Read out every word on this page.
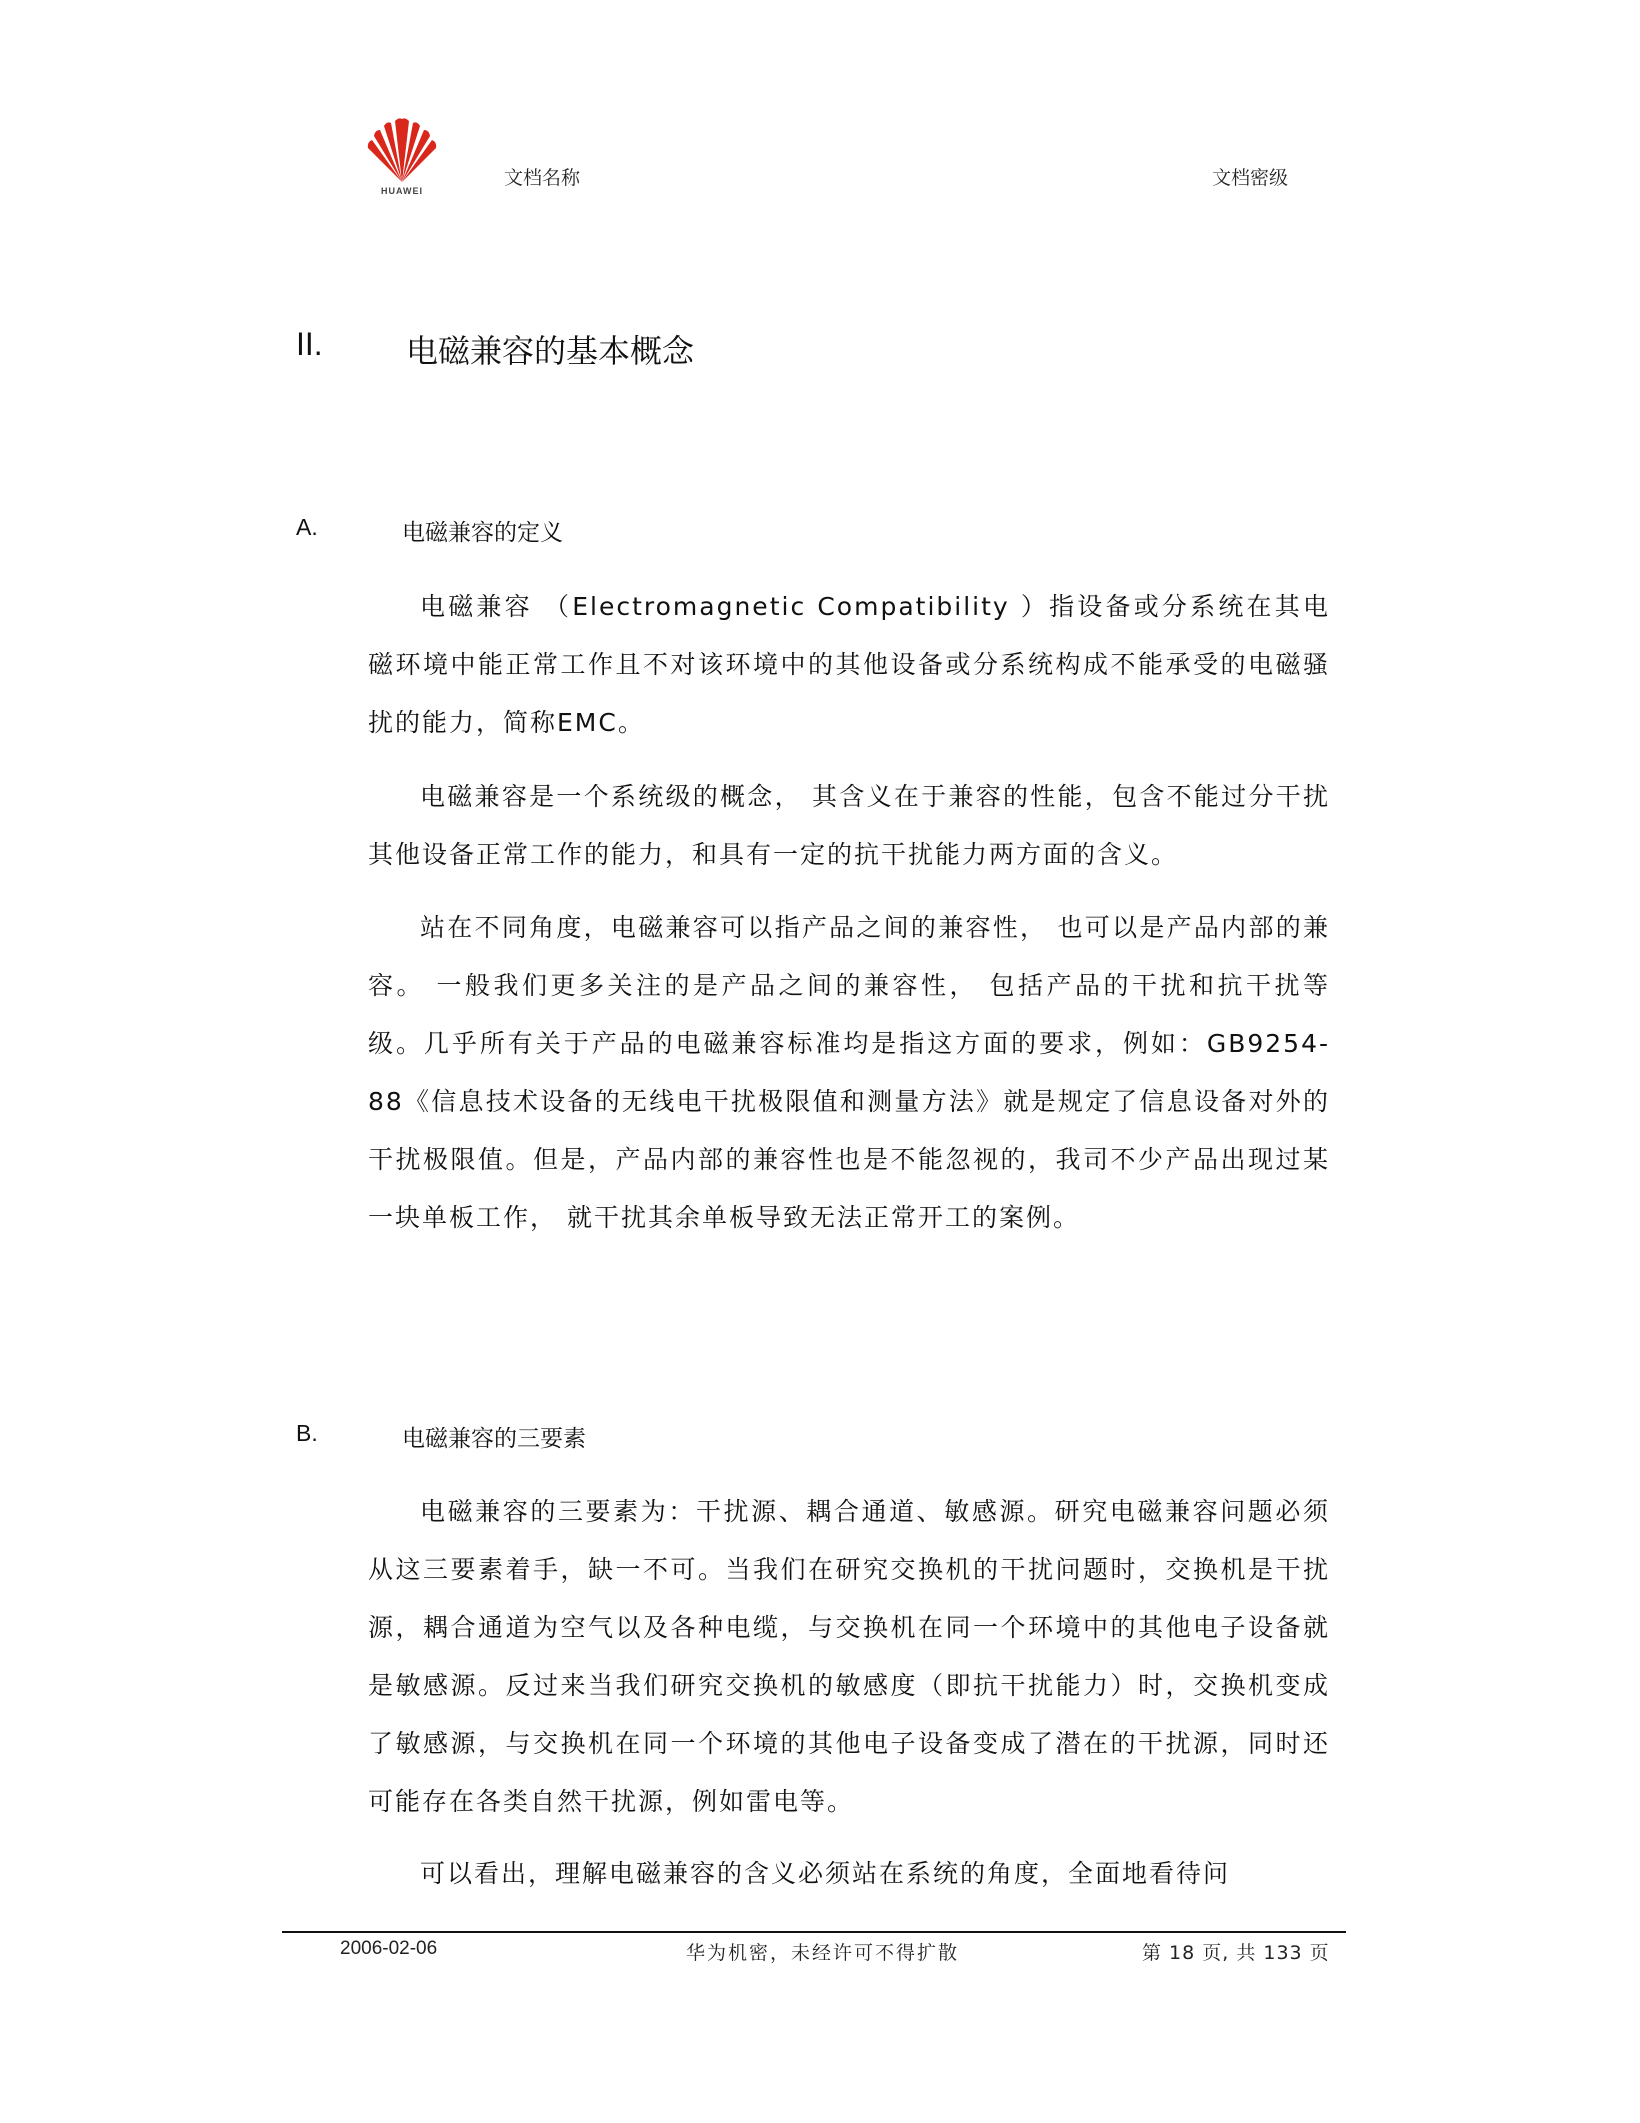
HUAWEI
文档名称	文档密级
II.	电磁兼容的基本概念
A.	电磁兼容的定义

电磁兼容 （Electromagnetic Compatibility ）指设备或分系统在其电磁环境中能正常工作且不对该环境中的其他设备或分系统构成不能承受的电磁骚扰的能力，简称EMC。

电磁兼容是一个系统级的概念， 其含义在于兼容的性能，包含不能过分干扰其他设备正常工作的能力，和具有一定的抗干扰能力两方面的含义。

站在不同角度，电磁兼容可以指产品之间的兼容性， 也可以是产品内部的兼容。 一般我们更多关注的是产品之间的兼容性， 包括产品的干扰和抗干扰等级。几乎所有关于产品的电磁兼容标准均是指这方面的要求，例如：GB9254-88《信息技术设备的无线电干扰极限值和测量方法》就是规定了信息设备对外的干扰极限值。但是，产品内部的兼容性也是不能忽视的，我司不少产品出现过某一块单板工作， 就干扰其余单板导致无法正常开工的案例。

B.	电磁兼容的三要素

电磁兼容的三要素为：干扰源、耦合通道、敏感源。研究电磁兼容问题必须从这三要素着手，缺一不可。当我们在研究交换机的干扰问题时，交换机是干扰源，耦合通道为空气以及各种电缆，与交换机在同一个环境中的其他电子设备就是敏感源。反过来当我们研究交换机的敏感度（即抗干扰能力）时，交换机变成了敏感源，与交换机在同一个环境的其他电子设备变成了潜在的干扰源，同时还可能存在各类自然干扰源，例如雷电等。

可以看出，理解电磁兼容的含义必须站在系统的角度，全面地看待问

2006-02-06	华为机密，未经许可不得扩散	第 18 页, 共 133 页
